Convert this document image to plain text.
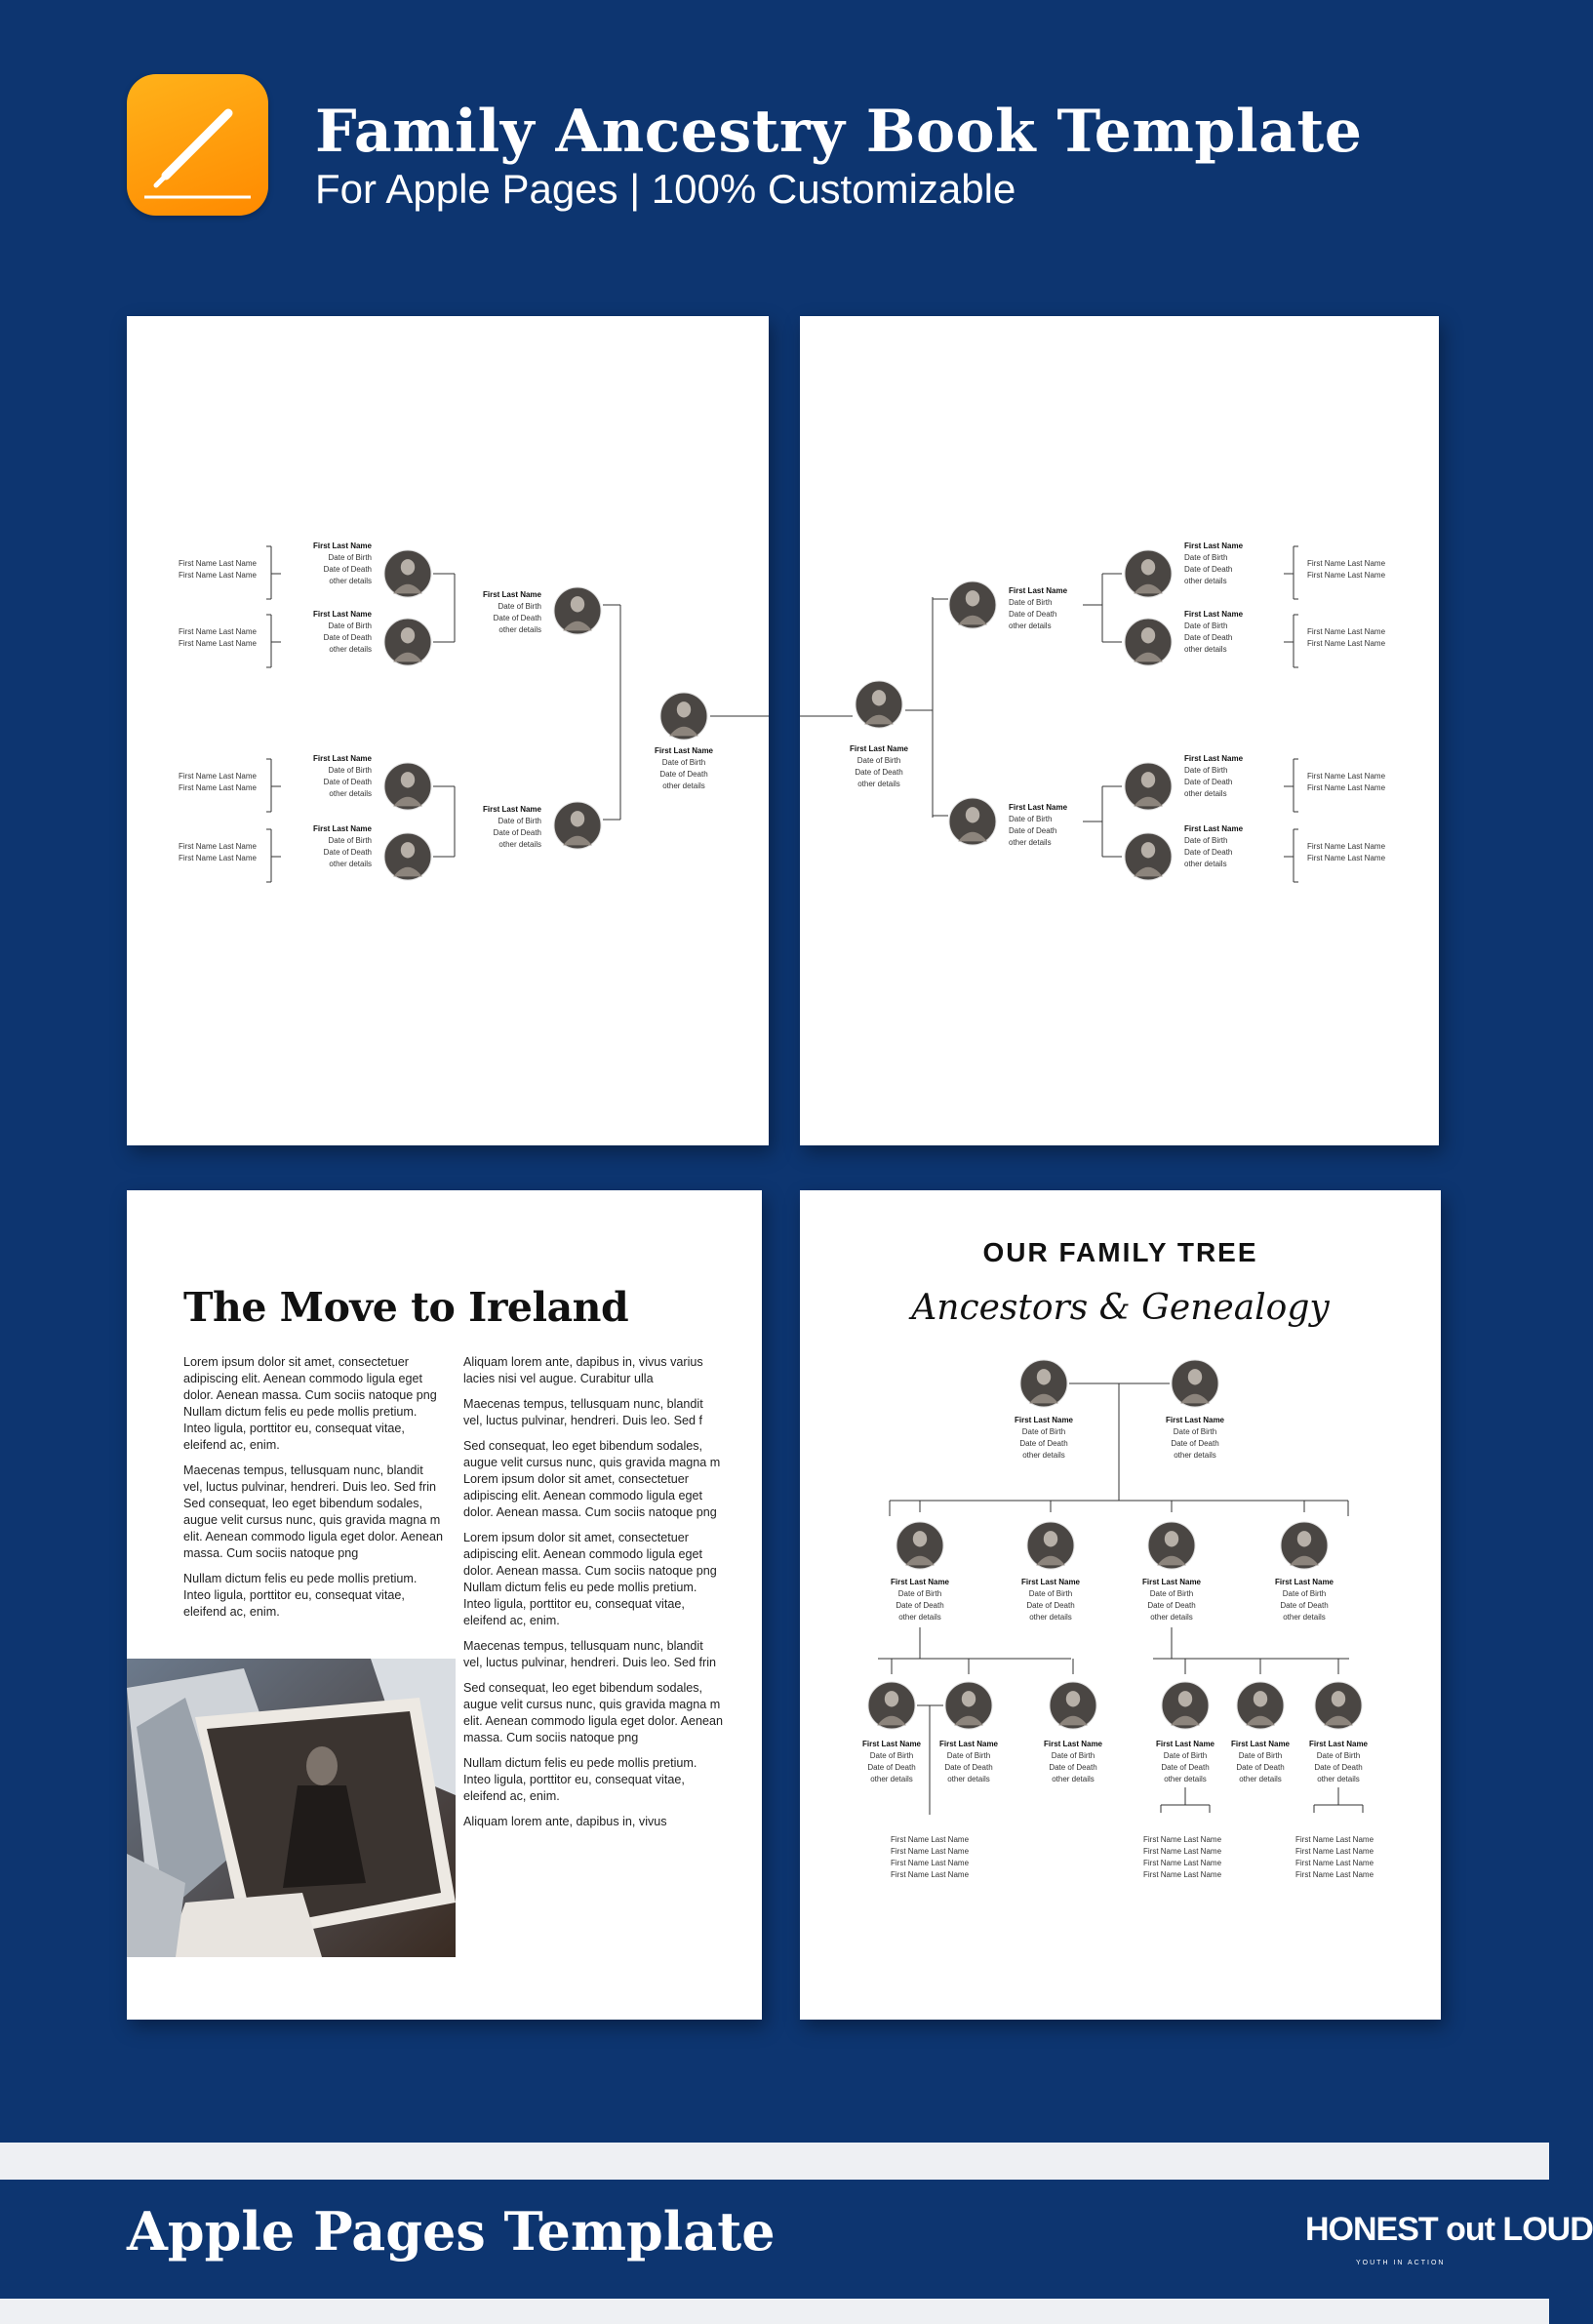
Family Ancestry Book Template

For Apple Pages | 100% Customizable

First Name Last Name
First Name Last Name
First Last Name
Date of Birth
Date of Death
other details
First Name Last Name
First Name Last Name
First Last Name
Date of Birth
Date of Death
other details
First Name Last Name
First Name Last Name
First Last Name
Date of Birth
Date of Death
other details
First Name Last Name
First Name Last Name
First Last Name
Date of Birth
Date of Death
other details
First Last Name
Date of Birth
Date of Death
other details
First Last Name
Date of Birth
Date of Death
other details
First Last Name
Date of Birth
Date of Death
other details
First Last Name
Date of Birth
Date of Death
other details
First Last Name
Date of Birth
Date of Death
other details
First Last Name
Date of Birth
Date of Death
other details
First Last Name
Date of Birth
Date of Death
other details
First Name Last Name
First Name Last Name
First Last Name
Date of Birth
Date of Death
other details
First Name Last Name
First Name Last Name
First Last Name
Date of Birth
Date of Death
other details
First Name Last Name
First Name Last Name
First Last Name
Date of Birth
Date of Death
other details
First Name Last Name
First Name Last Name
The Move to Ireland

Lorem ipsum dolor sit amet, consectetuer adipiscing elit. Aenean commodo ligula eget dolor. Aenean massa. Cum sociis natoque png Nullam dictum felis eu pede mollis pretium. Inteo ligula, porttitor eu, consequat vitae, eleifend ac, enim.

Maecenas tempus, tellusquam nunc, blandit vel, luctus pulvinar, hendreri. Duis leo. Sed frin Sed consequat, leo eget bibendum sodales, augue velit cursus nunc, quis gravida magna m elit. Aenean commodo ligula eget dolor. Aenean massa. Cum sociis natoque png

Nullam dictum felis eu pede mollis pretium. Inteo ligula, porttitor eu, consequat vitae, eleifend ac, enim.

Aliquam lorem ante, dapibus in, vivus varius lacies nisi vel augue. Curabitur ulla

Maecenas tempus, tellusquam nunc, blandit vel, luctus pulvinar, hendreri. Duis leo. Sed f

Sed consequat, leo eget bibendum sodales, augue velit cursus nunc, quis gravida magna m Lorem ipsum dolor sit amet, consectetuer adipiscing elit. Aenean commodo ligula eget dolor. Aenean massa. Cum sociis natoque png

Lorem ipsum dolor sit amet, consectetuer adipiscing elit. Aenean commodo ligula eget dolor. Aenean massa. Cum sociis natoque png Nullam dictum felis eu pede mollis pretium. Inteo ligula, porttitor eu, consequat vitae, eleifend ac, enim.

Maecenas tempus, tellusquam nunc, blandit vel, luctus pulvinar, hendreri. Duis leo. Sed frin

Sed consequat, leo eget bibendum sodales, augue velit cursus nunc, quis gravida magna m elit. Aenean commodo ligula eget dolor. Aenean massa. Cum sociis natoque png

Nullam dictum felis eu pede mollis pretium. Inteo ligula, porttitor eu, consequat vitae, eleifend ac, enim.

Aliquam lorem ante, dapibus in, vivus

OUR FAMILY TREE

Ancestors & Genealogy

First Last Name
Date of Birth
Date of Death
other details
First Last Name
Date of Birth
Date of Death
other details
First Last Name
Date of Birth
Date of Death
other details
First Last Name
Date of Birth
Date of Death
other details
First Last Name
Date of Birth
Date of Death
other details
First Last Name
Date of Birth
Date of Death
other details
First Last Name
Date of Birth
Date of Death
other details
First Last Name
Date of Birth
Date of Death
other details
First Last Name
Date of Birth
Date of Death
other details
First Last Name
Date of Birth
Date of Death
other details
First Last Name
Date of Birth
Date of Death
other details
First Last Name
Date of Birth
Date of Death
other details
First Name Last Name
First Name Last Name
First Name Last Name
First Name Last Name
First Name Last Name
First Name Last Name
First Name Last Name
First Name Last Name
First Name Last Name
First Name Last Name
First Name Last Name
First Name Last Name

Apple Pages Template	HONEST out LOUD
YOUTH IN ACTION
